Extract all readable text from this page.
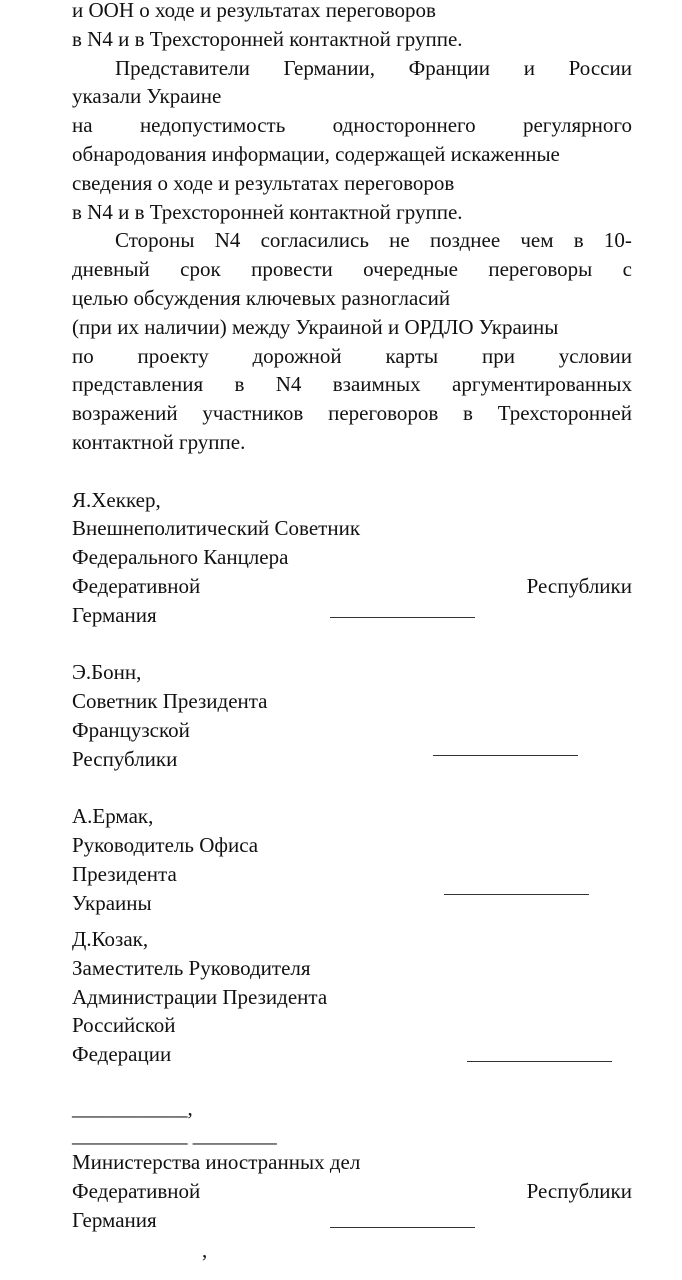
и ООН о ходе и результатах переговоров
в N4 и в Трехсторонней контактной группе.
Представители Германии, Франции и России
указали Украине
на недопустимость одностороннего регулярного
обнародования информации, содержащей искаженные
сведения о ходе и результатах переговоров
в N4 и в Трехсторонней контактной группе.
Стороны N4 согласились не позднее чем в 10-
дневный срок провести очередные переговоры с
целью обсуждения ключевых разногласий
(при их наличии) между Украиной и ОРДЛО Украины
по проекту дорожной карты при условии
представления в N4 взаимных аргументированных
возражений участников переговоров в Трехсторонней
контактной группе.
Я.Хеккер,
Внешнеполитический Советник
Федерального Канцлера
Федеративной	Республики
Германия
Э.Бонн,
Советник Президента
Французской
Республики
А.Ермак,
Руководитель Офиса
Президента
Украины
Д.Козак,
Заместитель Руководителя
Администрации Президента
Российской
Федерации
___________,
___________ ________
Министерства иностранных дел
Федеративной	Республики
Германия
,
